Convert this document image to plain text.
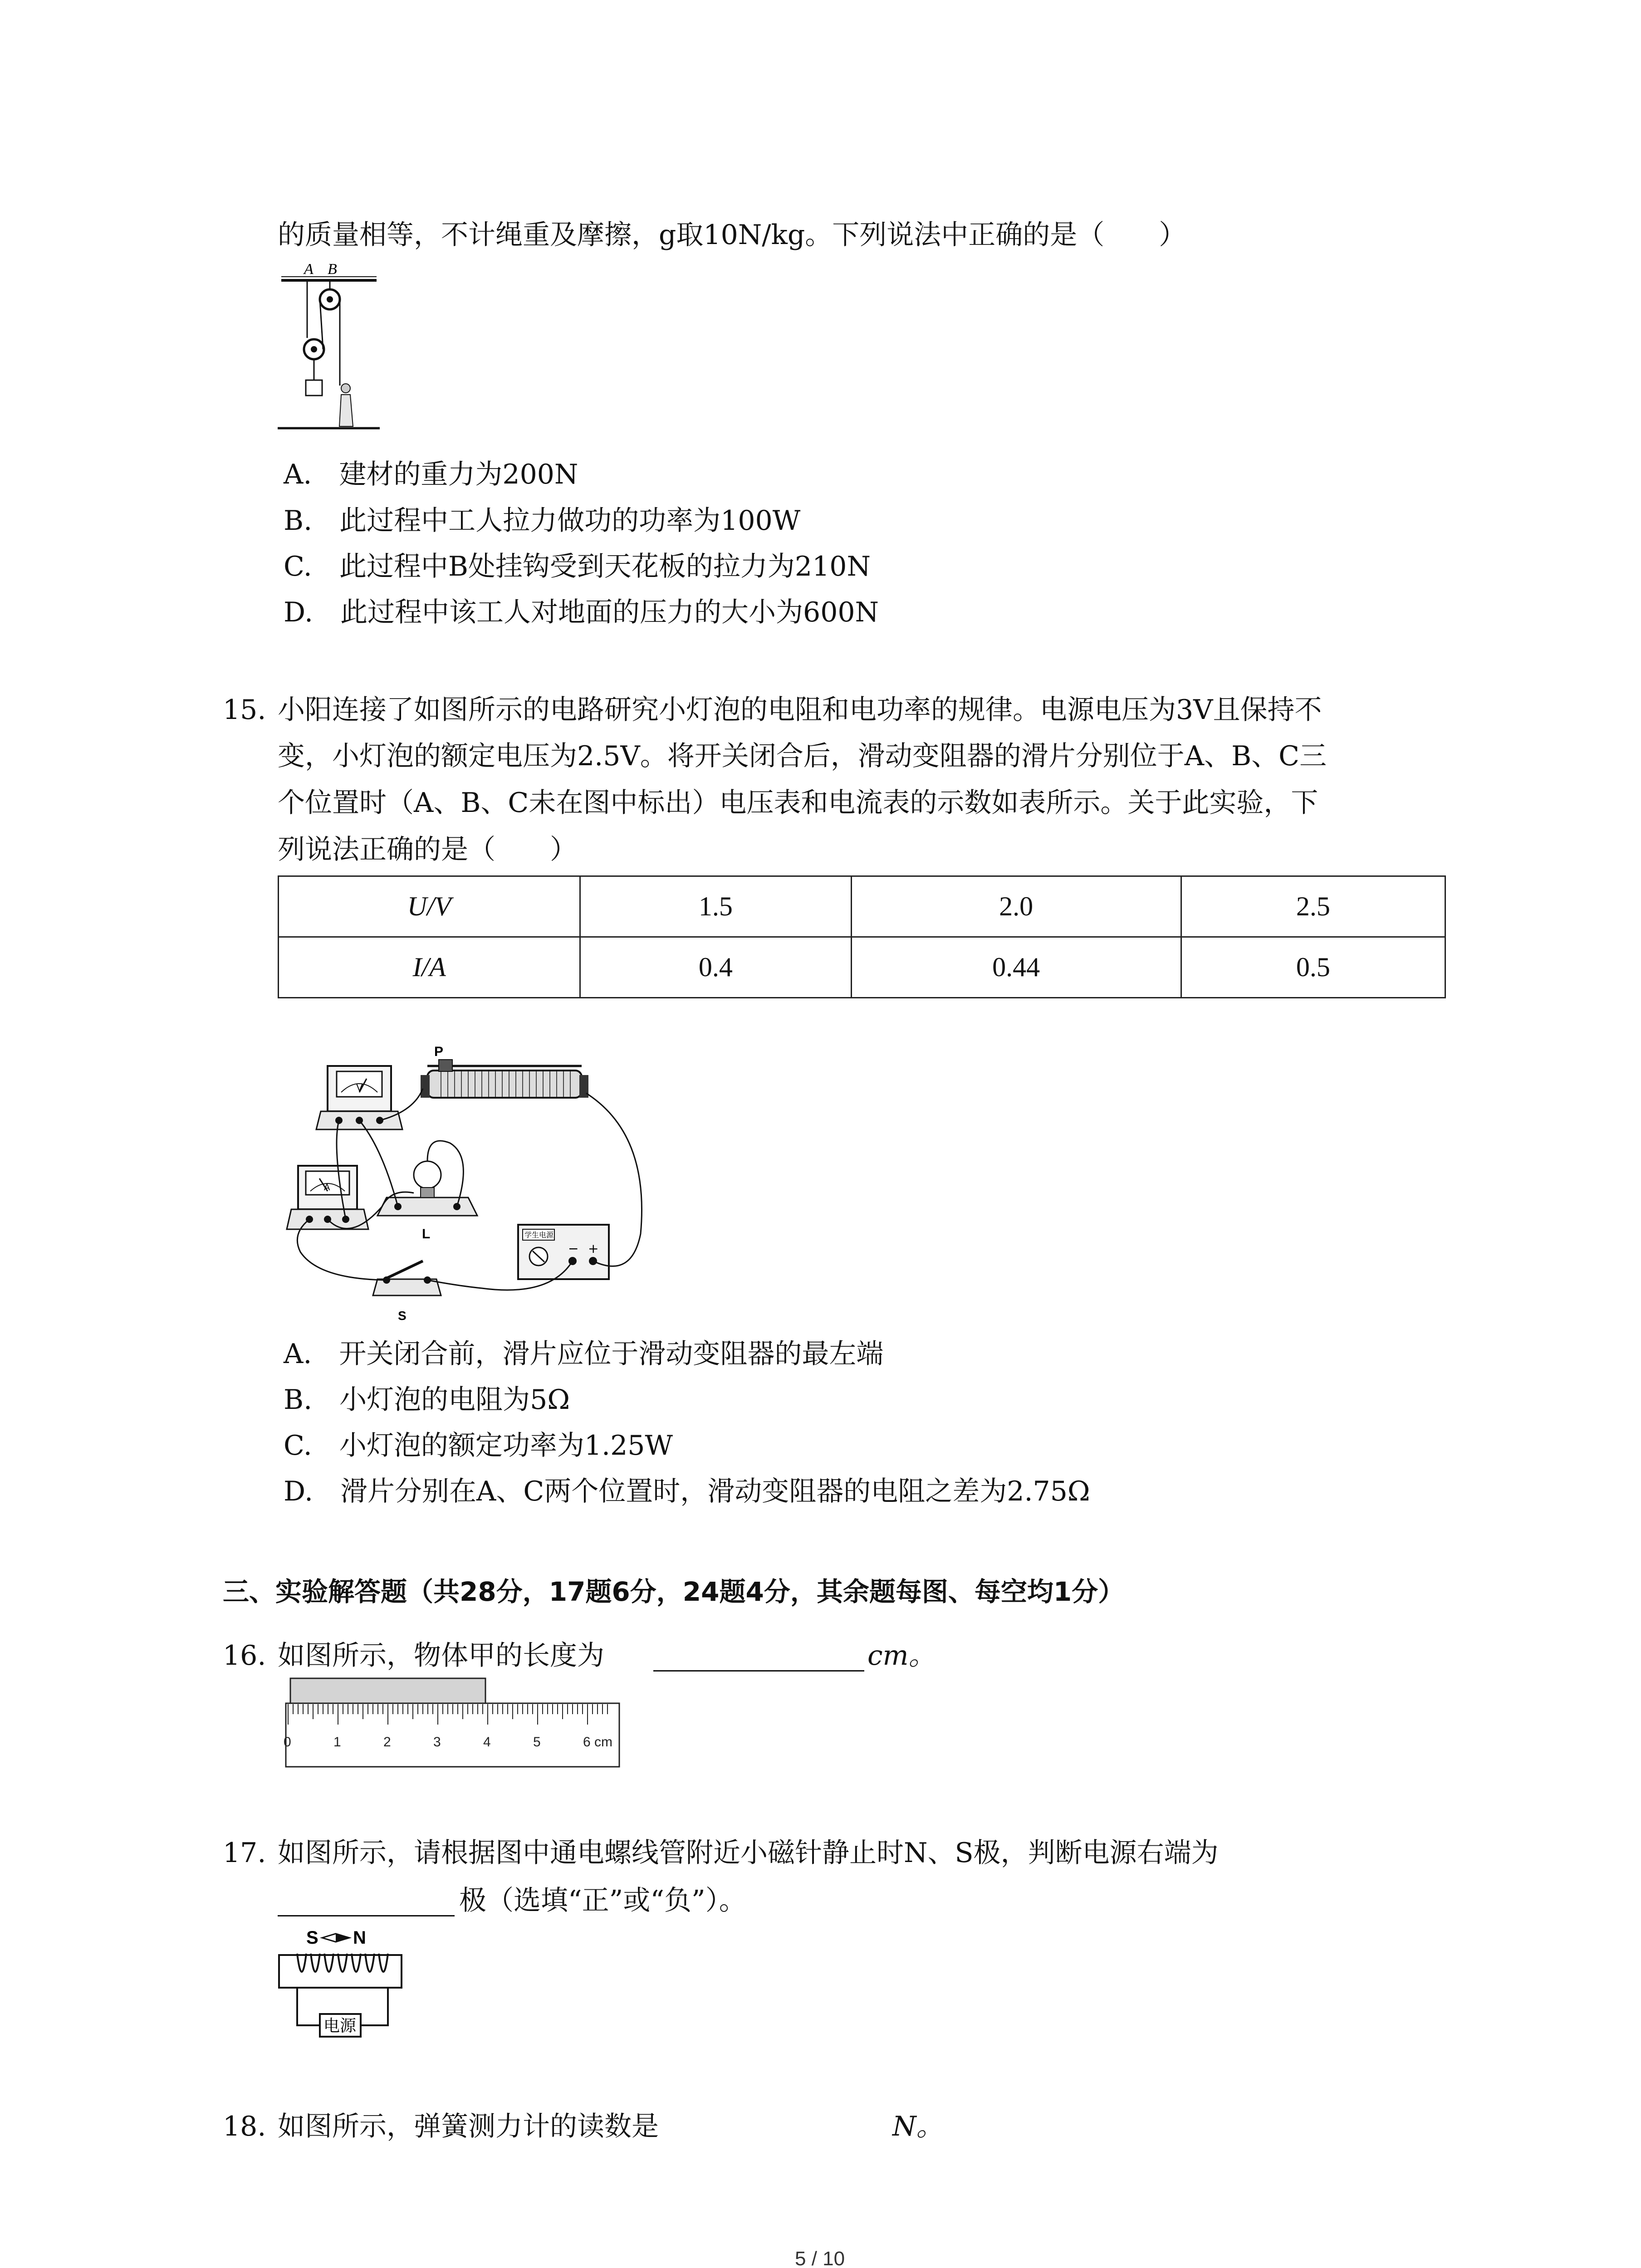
的质量相等，不计绳重及摩擦，g取10N/kg。下列说法中正确的是（　　）
A B
A.　建材的重力为200N
B.　此过程中工人拉力做功的功率为100W
C.　此过程中B处挂钩受到天花板的拉力为210N
D.　此过程中该工人对地面的压力的大小为600N
15. 小阳连接了如图所示的电路研究小灯泡的电阻和电功率的规律。电源电压为3V且保持不
变，小灯泡的额定电压为2.5V。将开关闭合后，滑动变阻器的滑片分别位于A、B、C三
个位置时（A、B、C未在图中标出）电压表和电流表的示数如表所示。关于此实验，下
列说法正确的是（　　）
U/V	1.5	2.0	2.5
I/A	0.4	0.44	0.5
V
P
L
A
学生电源
− +
S
A.　开关闭合前，滑片应位于滑动变阻器的最左端
B.　小灯泡的电阻为5Ω
C.　小灯泡的额定功率为1.25W
D.　滑片分别在A、C两个位置时，滑动变阻器的电阻之差为2.75Ω
三、实验解答题（共28分，17题6分，24题4分，其余题每图、每空均1分）
16. 如图所示，物体甲的长度为	cm。
0	1	2	3	4	5	6 cm
17. 如图所示，请根据图中通电螺线管附近小磁针静止时N、S极，判断电源右端为
极（选填“正”或“负”）。
S N
电源
18. 如图所示，弹簧测力计的读数是	N。
5 / 10
